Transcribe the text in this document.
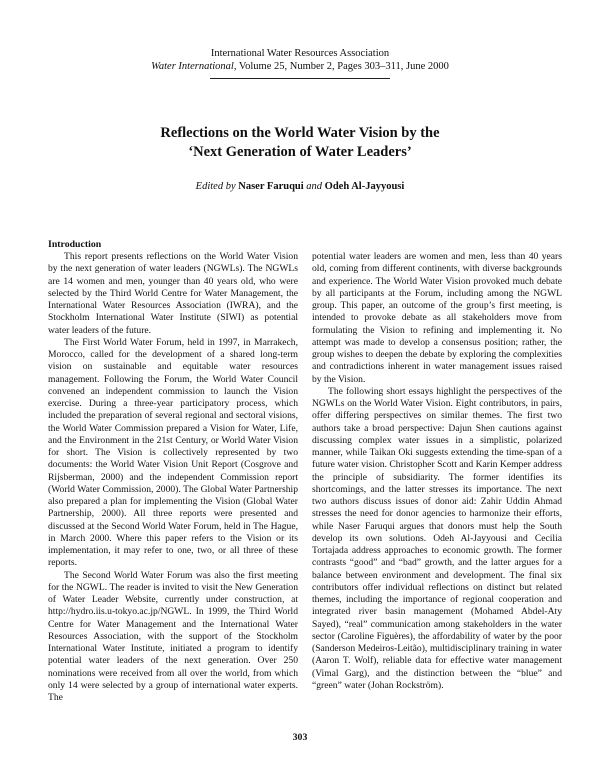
International Water Resources Association
Water International, Volume 25, Number 2, Pages 303–311, June 2000
Reflections on the World Water Vision by the
‘Next Generation of Water Leaders’
Edited by Naser Faruqui and Odeh Al-Jayyousi
Introduction

This report presents reflections on the World Water Vision by the next generation of water leaders (NGWLs). The NGWLs are 14 women and men, younger than 40 years old, who were selected by the Third World Centre for Water Management, the International Water Resources Association (IWRA), and the Stockholm International Water Institute (SIWI) as potential water leaders of the future.

The First World Water Forum, held in 1997, in Marrakech, Morocco, called for the development of a shared long-term vision on sustainable and equitable water resources management. Following the Forum, the World Water Council convened an independent commission to launch the Vision exercise. During a three-year participatory process, which included the preparation of several regional and sectoral visions, the World Water Commission prepared a Vision for Water, Life, and the Environment in the 21st Century, or World Water Vision for short. The Vision is collectively represented by two documents: the World Water Vision Unit Report (Cosgrove and Rijsberman, 2000) and the independent Commission report (World Water Commission, 2000). The Global Water Partnership also prepared a plan for implementing the Vision (Global Water Partnership, 2000). All three reports were presented and discussed at the Second World Water Forum, held in The Hague, in March 2000. Where this paper refers to the Vision or its implementation, it may refer to one, two, or all three of these reports.

The Second World Water Forum was also the first meeting for the NGWL. The reader is invited to visit the New Generation of Water Leader Website, currently under construction, at http://hydro.iis.u-tokyo.ac.jp/NGWL. In 1999, the Third World Centre for Water Management and the International Water Resources Association, with the support of the Stockholm International Water Institute, initiated a program to identify potential water leaders of the next generation. Over 250 nominations were received from all over the world, from which only 14 were selected by a group of international water experts. The

potential water leaders are women and men, less than 40 years old, coming from different continents, with diverse backgrounds and experience. The World Water Vision provoked much debate by all participants at the Forum, including among the NGWL group. This paper, an outcome of the group’s first meeting, is intended to provoke debate as all stakeholders move from formulating the Vision to refining and implementing it. No attempt was made to develop a consensus position; rather, the group wishes to deepen the debate by exploring the complexities and contradictions inherent in water management issues raised by the Vision.

The following short essays highlight the perspectives of the NGWLs on the World Water Vision. Eight contributors, in pairs, offer differing perspectives on similar themes. The first two authors take a broad perspective: Dajun Shen cautions against discussing complex water issues in a simplistic, polarized manner, while Taikan Oki suggests extending the time-span of a future water vision. Christopher Scott and Karin Kemper address the principle of subsidiarity. The former identifies its shortcomings, and the latter stresses its importance. The next two authors discuss issues of donor aid: Zahir Uddin Ahmad stresses the need for donor agencies to harmonize their efforts, while Naser Faruqui argues that donors must help the South develop its own solutions. Odeh Al-Jayyousi and Cecilia Tortajada address approaches to economic growth. The former contrasts “good” and “bad” growth, and the latter argues for a balance between environment and development. The final six contributors offer individual reflections on distinct but related themes, including the importance of regional cooperation and integrated river basin management (Mohamed Abdel-Aty Sayed), “real” communication among stakeholders in the water sector (Caroline Figuères), the affordability of water by the poor (Sanderson Medeiros-Leitão), multidisciplinary training in water (Aaron T. Wolf), reliable data for effective water management (Vimal Garg), and the distinction between the “blue” and “green” water (Johan Rockström).

303
